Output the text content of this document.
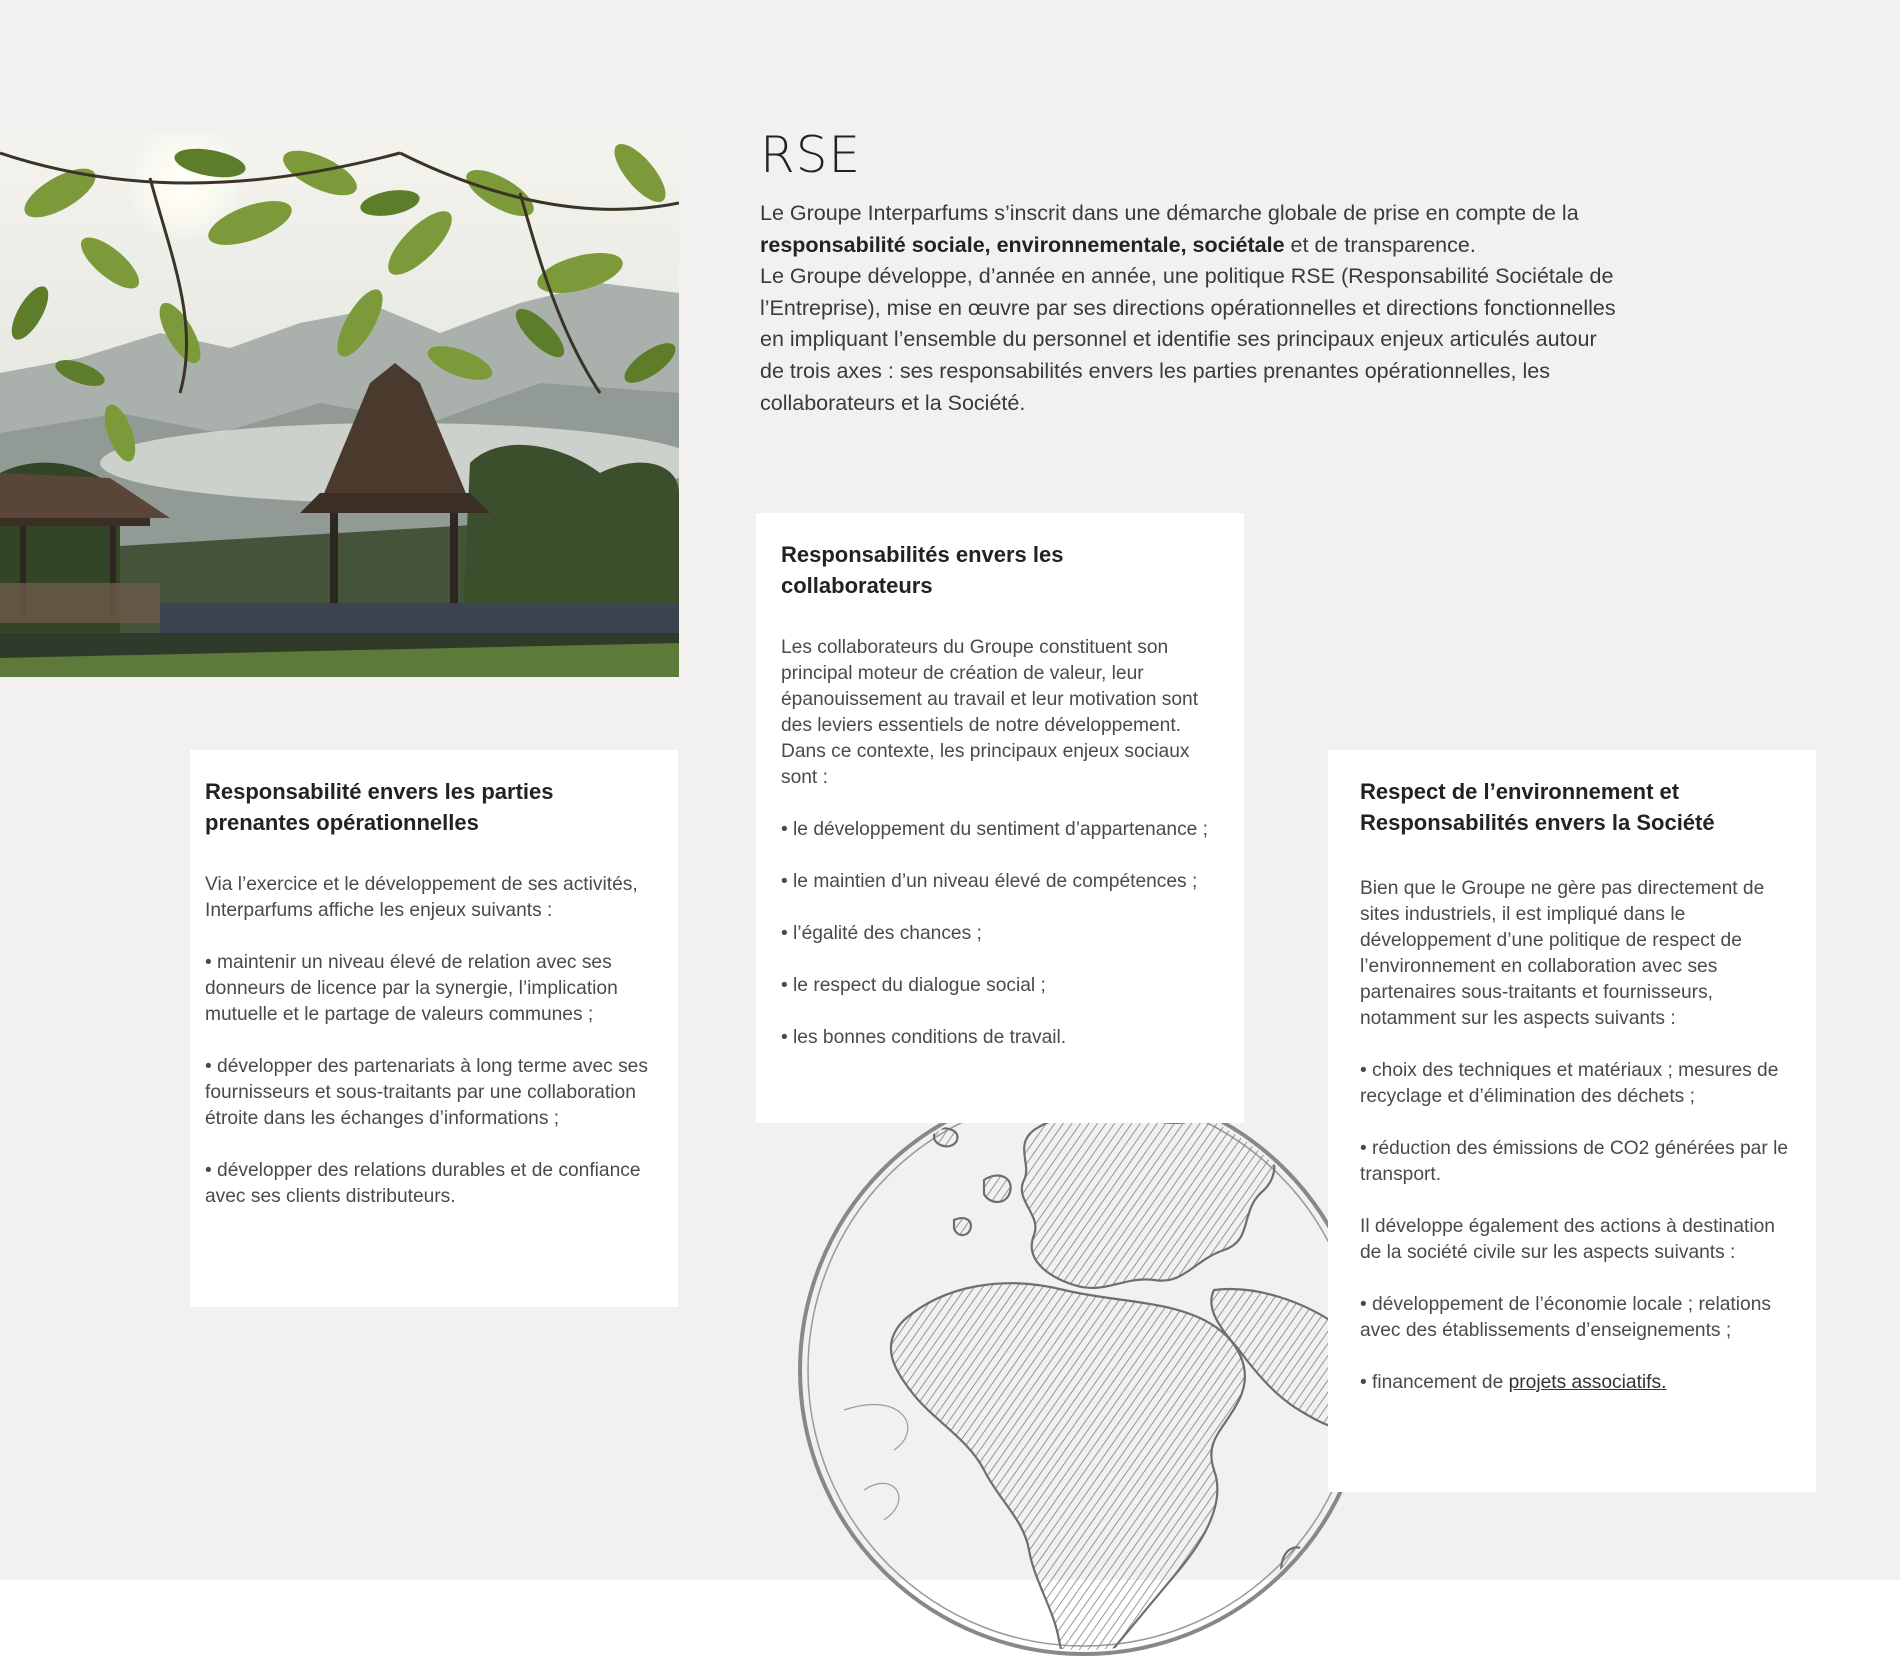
RSE

Le Groupe Interparfums s’inscrit dans une démarche globale de prise en compte de la responsabilité sociale, environnementale, sociétale et de transparence.

Le Groupe développe, d’année en année, une politique RSE (Responsabilité Sociétale de l’Entreprise), mise en œuvre par ses directions opérationnelles et directions fonctionnelles en impliquant l’ensemble du personnel et identifie ses principaux enjeux articulés autour de trois axes : ses responsabilités envers les parties prenantes opérationnelles, les collaborateurs et la Société.

Responsabilité envers les parties prenantes opérationnelles

Via l’exercice et le développement de ses activités, Interparfums affiche les enjeux suivants :

• maintenir un niveau élevé de relation avec ses donneurs de licence par la synergie, l’implication mutuelle et le partage de valeurs communes ;

• développer des partenariats à long terme avec ses fournisseurs et sous-traitants par une collaboration étroite dans les échanges d’informations ;

• développer des relations durables et de confiance avec ses clients distributeurs.

Responsabilités envers les collaborateurs

Les collaborateurs du Groupe constituent son principal moteur de création de valeur, leur épanouissement au travail et leur motivation sont des leviers essentiels de notre développement. Dans ce contexte, les principaux enjeux sociaux sont :

• le développement du sentiment d’appartenance ;

• le maintien d’un niveau élevé de compétences ;

• l’égalité des chances ;

• le respect du dialogue social ;

• les bonnes conditions de travail.

Respect de l’environnement et Responsabilités envers la Société

Bien que le Groupe ne gère pas directement de sites industriels, il est impliqué dans le développement d’une politique de respect de l’environnement en collaboration avec ses partenaires sous-traitants et fournisseurs, notamment sur les aspects suivants :

• choix des techniques et matériaux ; mesures de recyclage et d’élimination des déchets ;

• réduction des émissions de CO2 générées par le transport.

Il développe également des actions à destination de la société civile sur les aspects suivants :

• développement de l’économie locale ; relations avec des établissements d’enseignements ;

• financement de projets associatifs.
